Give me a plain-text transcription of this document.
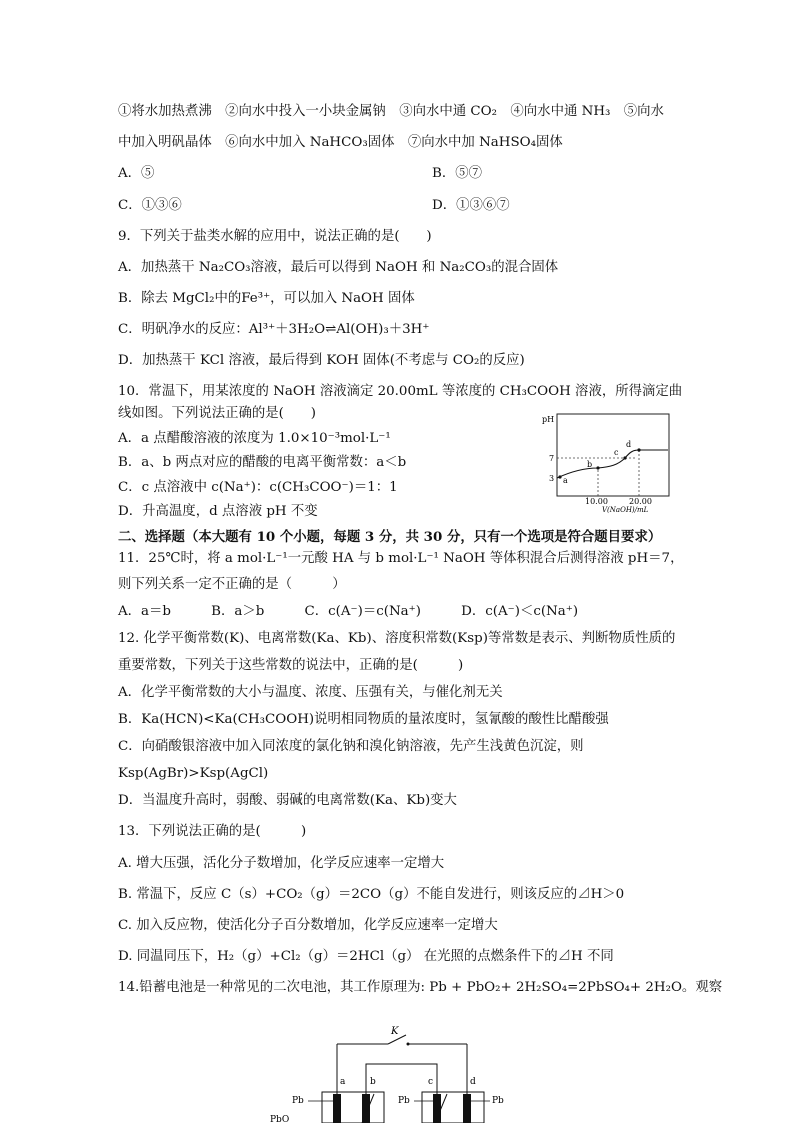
①将水加热煮沸　②向水中投入一小块金属钠　③向水中通 CO₂　④向水中通 NH₃　⑤向水
中加入明矾晶体　⑥向水中加入 NaHCO₃固体　⑦向水中加 NaHSO₄固体
A．⑤	B．⑤⑦
C．①③⑥	D．①③⑥⑦
9．下列关于盐类水解的应用中，说法正确的是(　　)
A．加热蒸干 Na₂CO₃溶液，最后可以得到 NaOH 和 Na₂CO₃的混合固体
B．除去 MgCl₂中的Fe³⁺，可以加入 NaOH 固体
C．明矾净水的反应：Al³⁺＋3H₂O⇌Al(OH)₃＋3H⁺
D．加热蒸干 KCl 溶液，最后得到 KOH 固体(不考虑与 CO₂的反应)
10．常温下，用某浓度的 NaOH 溶液滴定 20.00mL 等浓度的 CH₃COOH 溶液，所得滴定曲
线如图。下列说法正确的是(　　)
A．a 点醋酸溶液的浓度为 1.0×10⁻³mol·L⁻¹
B．a、b 两点对应的醋酸的电离平衡常数：a＜b
C．c 点溶液中 c(Na⁺)：c(CH₃COO⁻)＝1：1
D．升高温度，d 点溶液 pH 不变
pH
7
3 a
b
c
d
10.00	20.00
V(NaOH)/mL
二、选择题（本大题有 10 个小题，每题 3 分，共 30 分，只有一个选项是符合题目要求）
11．25℃时，将 a mol·L⁻¹一元酸 HA 与 b mol·L⁻¹ NaOH 等体积混合后测得溶液 pH＝7，
则下列关系一定不正确的是（　　　）
A．a＝b　　　B．a＞b　　　C．c(A⁻)＝c(Na⁺)　　　D．c(A⁻)＜c(Na⁺)
12. 化学平衡常数(K)、电离常数(Ka、Kb)、溶度积常数(Ksp)等常数是表示、判断物质性质的
重要常数，下列关于这些常数的说法中，正确的是(　　　)
A．化学平衡常数的大小与温度、浓度、压强有关，与催化剂无关
B．Ka(HCN)<Ka(CH₃COOH)说明相同物质的量浓度时，氢氰酸的酸性比醋酸强
C．向硝酸银溶液中加入同浓度的氯化钠和溴化钠溶液，先产生浅黄色沉淀，则
Ksp(AgBr)>Ksp(AgCl)
D．当温度升高时，弱酸、弱碱的电离常数(Ka、Kb)变大
13．下列说法正确的是(　　　)
A. 增大压强，活化分子数增加，化学反应速率一定增大
B. 常温下，反应 C（s）+CO₂（g）＝2CO（g）不能自发进行，则该反应的⊿H＞0
C. 加入反应物，使活化分子百分数增加，化学反应速率一定增大
D. 同温同压下，H₂（g）+Cl₂（g）＝2HCl（g） 在光照的点燃条件下的⊿H 不同
14.铅蓄电池是一种常见的二次电池，其工作原理为: Pb + PbO₂+ 2H₂SO₄=2PbSO₄+ 2H₂O。观察
K
a	b	c	d
Pb	Pb	Pb
PbO
